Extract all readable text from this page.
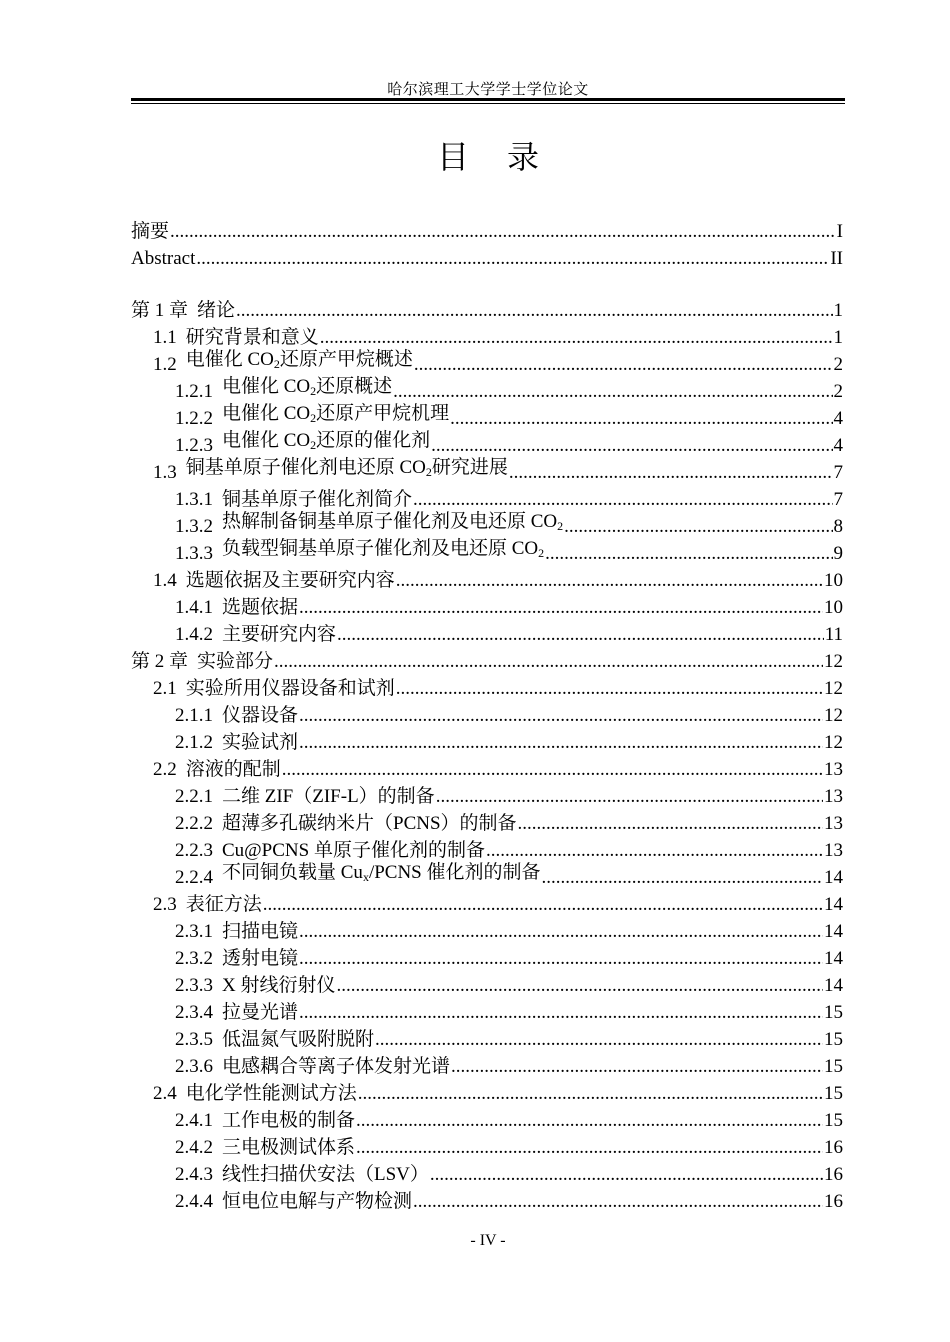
哈尔滨理工大学学士学位论文
目录
摘要 .....	I
Abstract .....	II
第 1 章 绪论 .....	1
1.1 研究背景和意义 .....	1
1.2 电催化 $CO_2$还原产甲烷概述 .....	2
1.2.1 电催化 $CO_2$还原概述 .....	2
1.2.2 电催化 $CO_2$还原产甲烷机理 .....	4
1.2.3 电催化 $CO_2$还原的催化剂 .....	4
1.3 铜基单原子催化剂电还原 $CO_2$研究进展 .....	7
1.3.1 铜基单原子催化剂简介 .....	7
1.3.2 热解制备铜基单原子催化剂及电还原 $CO_2$ .....	8
1.3.3 负载型铜基单原子催化剂及电还原 $CO_2$ .....	9
1.4 选题依据及主要研究内容 .....	10
1.4.1 选题依据 .....	10
1.4.2 主要研究内容 .....	11
第 2 章 实验部分 .....	12
2.1 实验所用仪器设备和试剂 .....	12
2.1.1 仪器设备 .....	12
2.1.2 实验试剂 .....	12
2.2 溶液的配制 .....	13
2.2.1 二维 ZIF（ZIF-L）的制备 .....	13
2.2.2 超薄多孔碳纳米片（PCNS）的制备 .....	13
2.2.3 Cu@PCNS 单原子催化剂的制备 .....	13
2.2.4 不同铜负载量 $Cu_x$/PCNS 催化剂的制备 .....	14
2.3 表征方法 .....	14
2.3.1 扫描电镜 .....	14
2.3.2 透射电镜 .....	14
2.3.3 X 射线衍射仪 .....	14
2.3.4 拉曼光谱 .....	15
2.3.5 低温氮气吸附脱附 .....	15
2.3.6 电感耦合等离子体发射光谱 .....	15
2.4 电化学性能测试方法 .....	15
2.4.1 工作电极的制备 .....	15
2.4.2 三电极测试体系 .....	16
2.4.3 线性扫描伏安法（LSV） .....	16
2.4.4 恒电位电解与产物检测 .....	16
- IV -
